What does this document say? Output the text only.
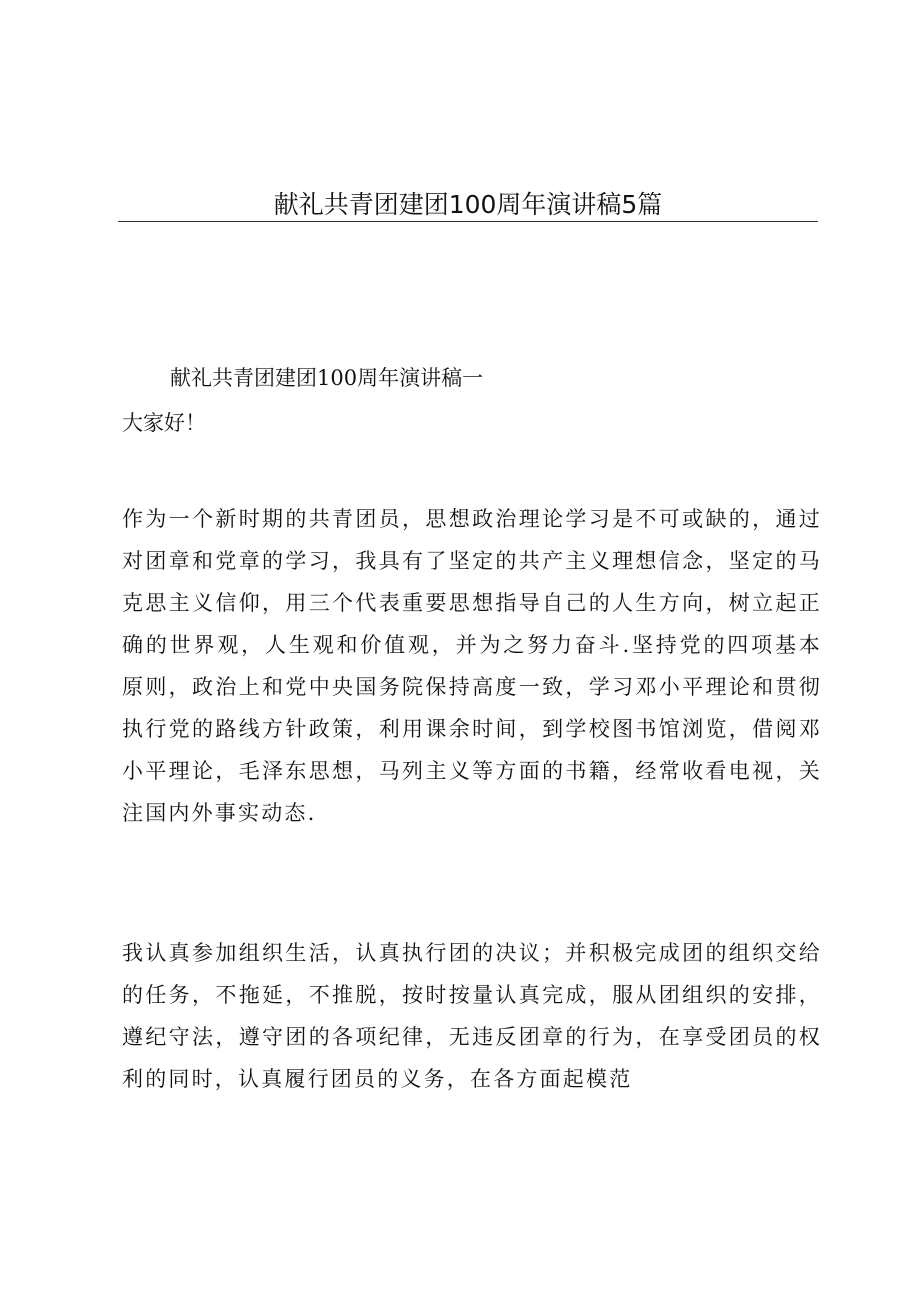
献礼共青团建团100周年演讲稿5篇
献礼共青团建团100周年演讲稿一
大家好！

作为一个新时期的共青团员，思想政治理论学习是不可或缺的，通过对团章和党章的学习，我具有了坚定的共产主义理想信念，坚定的马克思主义信仰，用三个代表重要思想指导自己的人生方向，树立起正确的世界观，人生观和价值观，并为之努力奋斗.坚持党的四项基本原则，政治上和党中央国务院保持高度一致，学习邓小平理论和贯彻执行党的路线方针政策，利用课余时间，到学校图书馆浏览，借阅邓小平理论，毛泽东思想，马列主义等方面的书籍，经常收看电视，关注国内外事实动态.

我认真参加组织生活，认真执行团的决议；并积极完成团的组织交给的任务，不拖延，不推脱，按时按量认真完成，服从团组织的安排，遵纪守法，遵守团的各项纪律，无违反团章的行为，在享受团员的权利的同时，认真履行团员的义务，在各方面起模范
